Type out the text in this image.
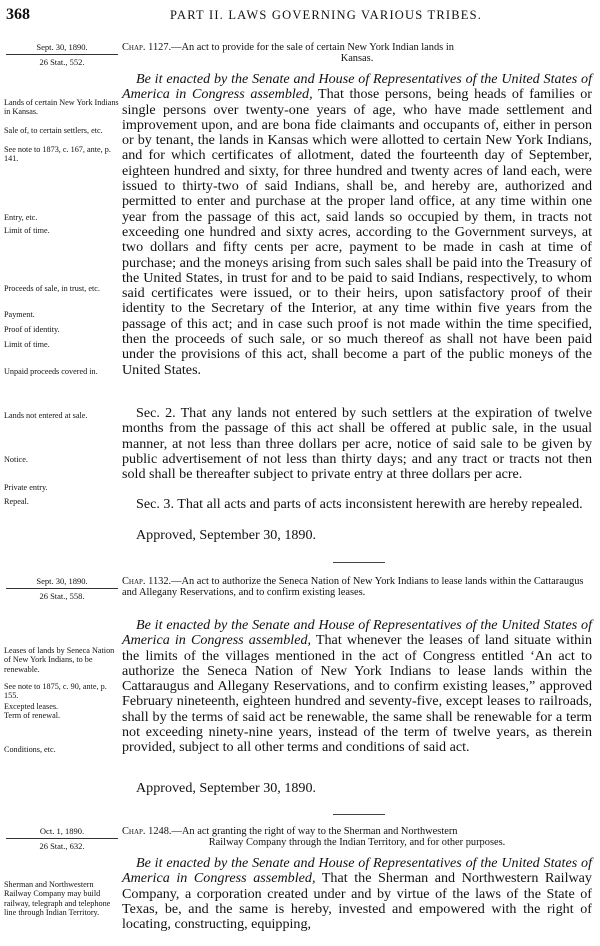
368	PART II. LAWS GOVERNING VARIOUS TRIBES.
Sept. 30, 1890.
26 Stat., 552.
Chap. 1127.—An act to provide for the sale of certain New York Indian lands in
Kansas.
Be it enacted by the Senate and House of Representatives of the United States of America in Congress assembled, That those persons, being heads of families or single persons over twenty-one years of age, who have made settlement and improvement upon, and are bona fide claimants and occupants of, either in person or by tenant, the lands in Kansas which were allotted to certain New York Indians, and for which certificates of allotment, dated the fourteenth day of September, eighteen hundred and sixty, for three hundred and twenty acres of land each, were issued to thirty-two of said Indians, shall be, and hereby are, authorized and permitted to enter and purchase at the proper land office, at any time within one year from the passage of this act, said lands so occupied by them, in tracts not exceeding one hundred and sixty acres, according to the Government surveys, at two dollars and fifty cents per acre, payment to be made in cash at time of purchase; and the moneys arising from such sales shall be paid into the Treasury of the United States, in trust for and to be paid to said Indians, respectively, to whom said certificates were issued, or to their heirs, upon satisfactory proof of their identity to the Secretary of the Interior, at any time within five years from the passage of this act; and in case such proof is not made within the time specified, then the proceeds of such sale, or so much thereof as shall not have been paid under the provisions of this act, shall become a part of the public moneys of the United States.
Sec. 2. That any lands not entered by such settlers at the expiration of twelve months from the passage of this act shall be offered at public sale, in the usual manner, at not less than three dollars per acre, notice of said sale to be given by public advertisement of not less than thirty days; and any tract or tracts not then sold shall be thereafter subject to private entry at three dollars per acre.
Sec. 3. That all acts and parts of acts inconsistent herewith are hereby repealed.
Approved, September 30, 1890.
Lands of certain New York Indians in Kansas.
Sale of, to certain settlers, etc.
See note to 1873, c. 167, ante, p. 141.
Entry, etc.
Limit of time.
Proceeds of sale, in trust, etc.
Payment.
Proof of identity.
Limit of time.
Unpaid proceeds covered in.
Lands not entered at sale.
Notice.
Private entry.
Repeal.
Sept. 30, 1890.
26 Stat., 558.
Chap. 1132.—An act to authorize the Seneca Nation of New York Indians to lease lands within the Cattaraugus and Allegany Reservations, and to confirm existing leases.
Be it enacted by the Senate and House of Representatives of the United States of America in Congress assembled, That whenever the leases of land situate within the limits of the villages mentioned in the act of Congress entitled ‘An act to authorize the Seneca Nation of New York Indians to lease lands within the Cattaraugus and Allegany Reservations, and to confirm existing leases,” approved February nineteenth, eighteen hundred and seventy-five, except leases to railroads, shall by the terms of said act be renewable, the same shall be renewable for a term not exceeding ninety-nine years, instead of the term of twelve years, as therein provided, subject to all other terms and conditions of said act.
Approved, September 30, 1890.
Leases of lands by Seneca Nation of New York Indians, to be renewable.
See note to 1875, c. 90, ante, p. 155.
Excepted leases.
Term of renewal.
Conditions, etc.
Oct. 1, 1890.
26 Stat., 632.
Chap. 1248.—An act granting the right of way to the Sherman and Northwestern
Railway Company through the Indian Territory, and for other purposes.
Be it enacted by the Senate and House of Representatives of the United States of America in Congress assembled, That the Sherman and Northwestern Railway Company, a corporation created under and by virtue of the laws of the State of Texas, be, and the same is hereby, invested and empowered with the right of locating, constructing, equipping,
Sherman and Northwestern Railway Company may build railway, telegraph and telephone line through Indian Territory.
